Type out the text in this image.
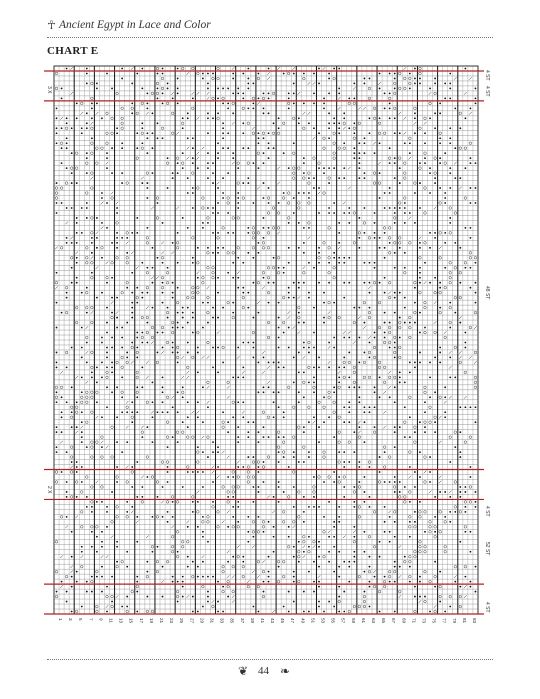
☥ Ancient Egypt in Lace and Color
CHART E
4 ST
4 ST
48 ST
4 ST
52 ST
4 ST
3 X
2 X
1 3 5 7 9 11 13 15 17 19 21 23 25 27 29 31 33 35 37 39 41 43 45 47 49 51 53 55 57 59 61 63 65 67 69 71 73 75 77 79 81 83
❦ 44 ❧
